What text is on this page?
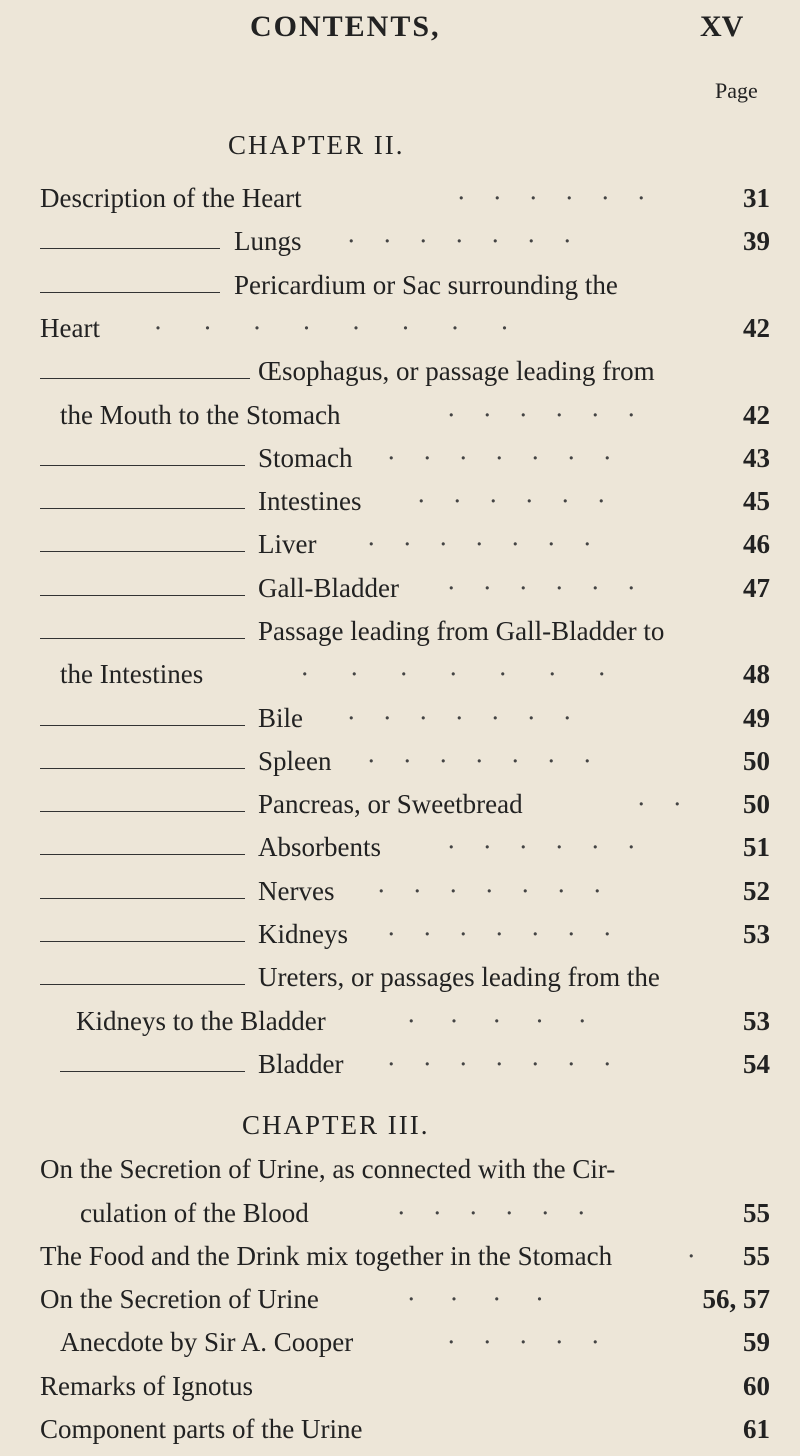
CONTENTS,	XV
Page
CHAPTER II.
Description of the Heart	·    ·    ·    ·    ·    ·	31
Lungs ·    ·    ·    ·    ·    ·    ·	39
Pericardium or Sac surrounding the
Heart ·      ·      ·      ·      ·      ·      ·      ·	42
Œsophagus, or passage leading from
the Mouth to the Stomach	·    ·    ·    ·    ·    ·	42
Stomach ·    ·    ·    ·    ·    ·    ·	43
Intestines ·    ·    ·    ·    ·    ·	45
Liver ·    ·    ·    ·    ·    ·    ·	46
Gall-Bladder ·    ·    ·    ·    ·    ·	47
Passage leading from Gall-Bladder to
the Intestines	·      ·      ·      ·      ·      ·      ·	48
Bile ·    ·    ·    ·    ·    ·    ·	49
Spleen ·    ·    ·    ·    ·    ·    ·	50
Pancreas, or Sweetbread	·    · 50
Absorbents ·    ·    ·    ·    ·    ·	51
Nerves ·    ·    ·    ·    ·    ·    ·	52
Kidneys ·    ·    ·    ·    ·    ·    ·	53
Ureters, or passages leading from the
Kidneys to the Bladder	·     ·     ·     ·     ·	53
Bladder ·    ·    ·    ·    ·    ·    ·	54
CHAPTER III.
On the Secretion of Urine, as connected with the Cir-
culation of the Blood	·    ·    ·    ·    ·    ·	55
The Food and the Drink mix together in the Stomach	· 55
On the Secretion of Urine	·     ·     ·     ·	56, 57
Anecdote by Sir A. Cooper	·    ·    ·    ·    ·	59
Remarks of Ignotus	60
Component parts of the Urine	61
